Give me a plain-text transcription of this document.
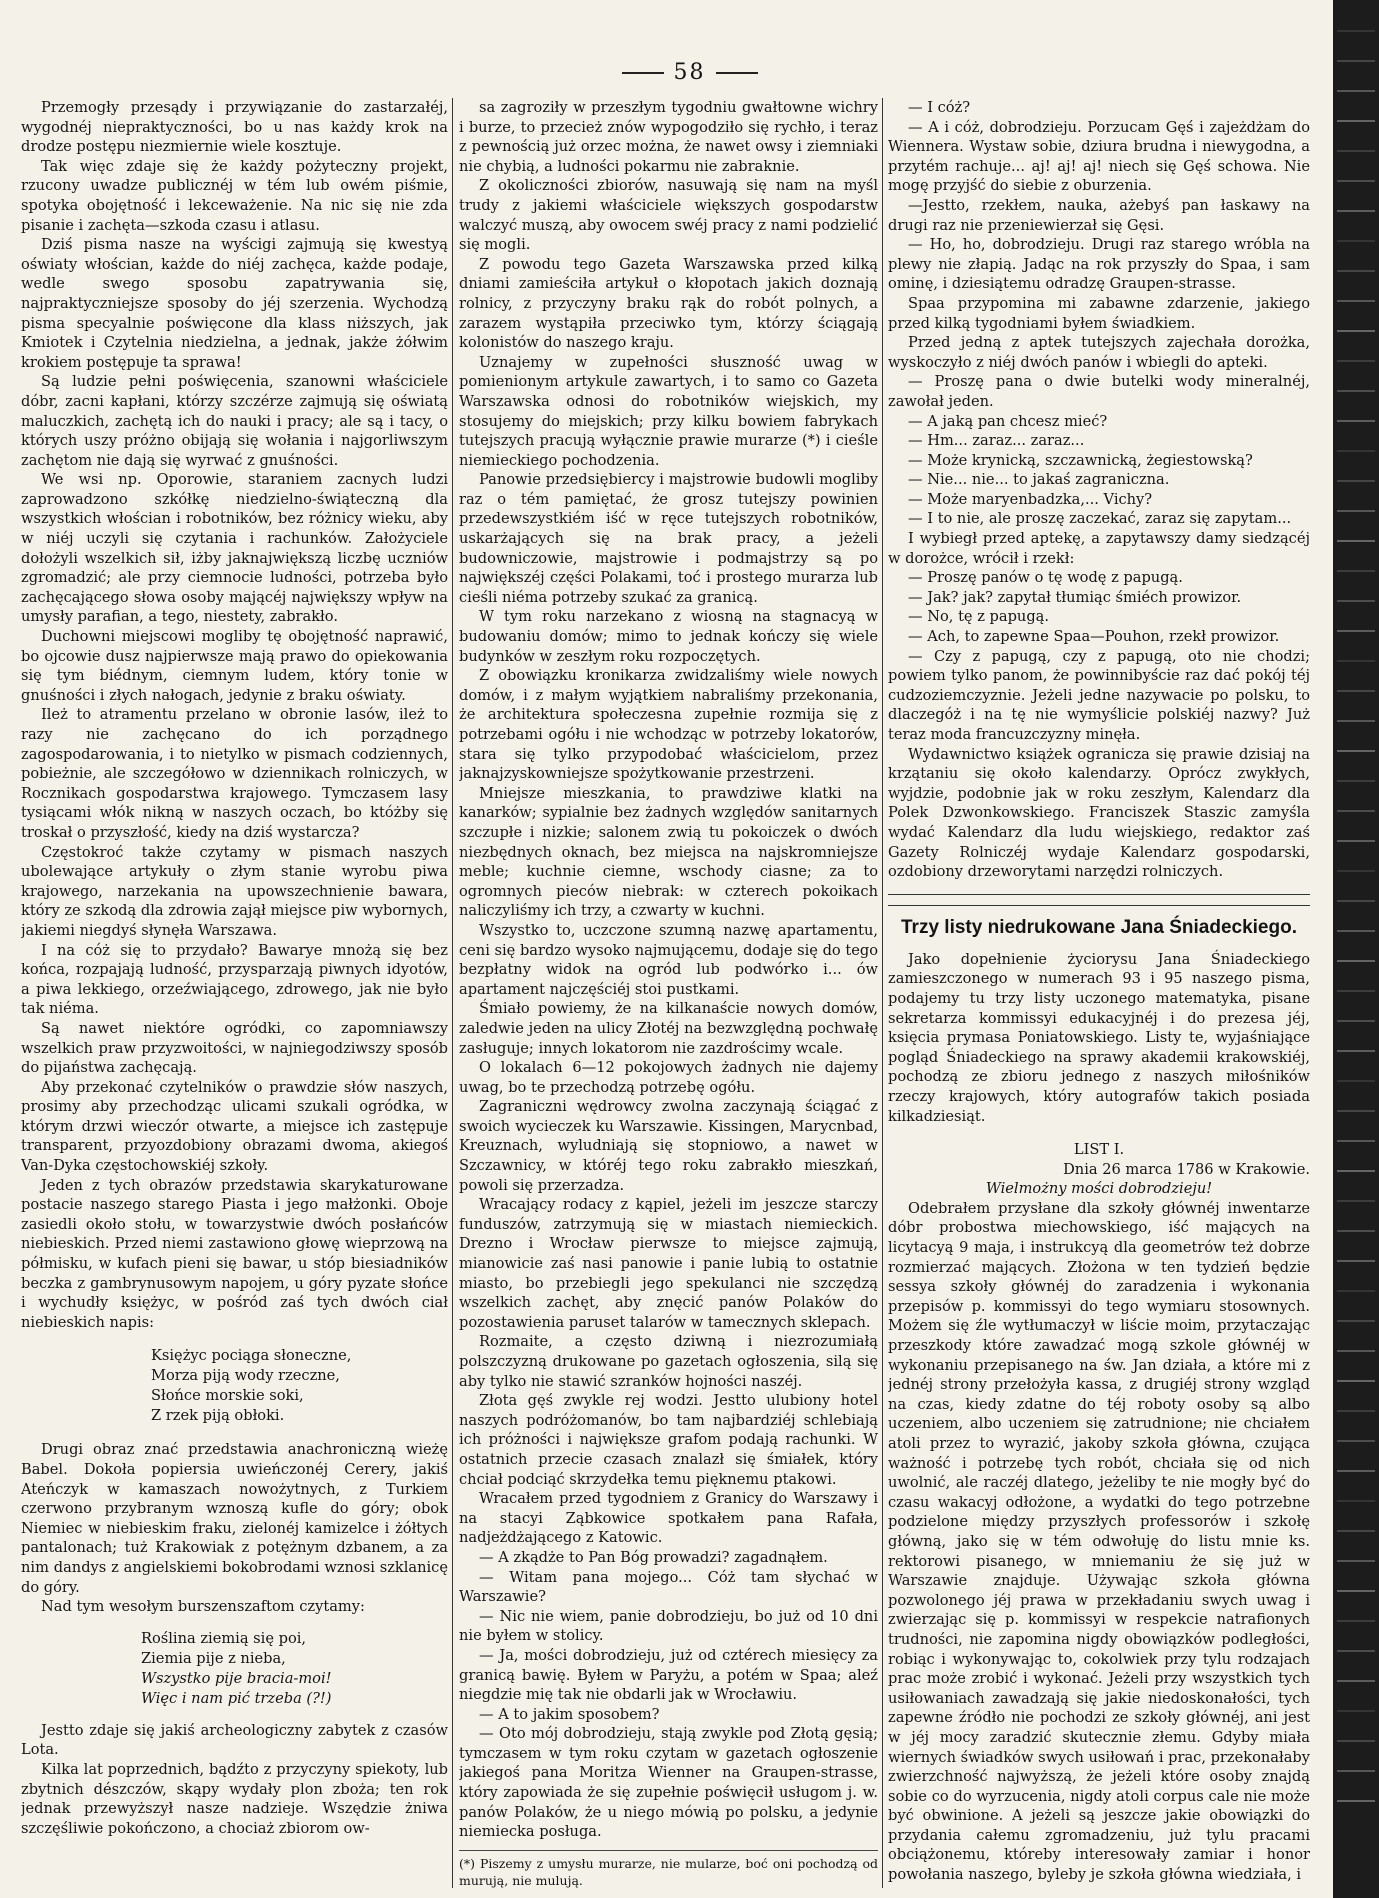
58

Przemogły przesądy i przywiązanie do zastarzałéj, wygodnéj niepraktyczności, bo u nas każdy krok na drodze postępu niezmiernie wiele kosztuje.

Tak więc zdaje się że każdy pożyteczny projekt, rzucony uwadze publicznéj w tém lub owém piśmie, spotyka obojętność i lekceważenie. Na nic się nie zda pisanie i zachęta—szkoda czasu i atlasu.

Dziś pisma nasze na wyścigi zajmują się kwestyą oświaty włościan, każde do niéj zachęca, każde podaje, wedle swego sposobu zapatrywania się, najpraktyczniejsze sposoby do jéj szerzenia. Wychodzą pisma specyalnie poświęcone dla klass niższych, jak Kmiotek i Czytelnia niedzielna, a jednak, jakże żółwim krokiem postępuje ta sprawa!

Są ludzie pełni poświęcenia, szanowni właściciele dóbr, zacni kapłani, którzy szczérze zajmują się oświatą maluczkich, zachętą ich do nauki i pracy; ale są i tacy, o których uszy próżno obijają się wołania i najgorliwszym zachętom nie dają się wyrwać z gnuśności.

We wsi np. Oporowie, staraniem zacnych ludzi zaprowadzono szkółkę niedzielno-świąteczną dla wszystkich włościan i robotników, bez różnicy wieku, aby w niéj uczyli się czytania i rachunków. Założyciele dołożyli wszelkich sił, iżby jaknajwiększą liczbę uczniów zgromadzić; ale przy ciemnocie ludności, potrzeba było zachęcającego słowa osoby mającéj największy wpływ na umysły parafian, a tego, niestety, zabrakło.

Duchowni miejscowi mogliby tę obojętność naprawić, bo ojcowie dusz najpierwsze mają prawo do opiekowania się tym biédnym, ciemnym ludem, który tonie w gnuśności i złych nałogach, jedynie z braku oświaty.

Ileż to atramentu przelano w obronie lasów, ileż to razy nie zachęcano do ich porządnego zagospodarowania, i to nietylko w pismach codziennych, pobieżnie, ale szczegółowo w dziennikach rolniczych, w Rocznikach gospodarstwa krajowego. Tymczasem lasy tysiącami włók nikną w naszych oczach, bo któżby się troskał o przyszłość, kiedy na dziś wystarcza?

Częstokroć także czytamy w pismach naszych ubolewające artykuły o złym stanie wyrobu piwa krajowego, narzekania na upowszechnienie bawara, który ze szkodą dla zdrowia zajął miejsce piw wybornych, jakiemi niegdyś słynęła Warszawa.

I na cóż się to przydało? Bawarye mnożą się bez końca, rozpajają ludność, przysparzają piwnych idyotów, a piwa lekkiego, orzeźwiającego, zdrowego, jak nie było tak niéma.

Są nawet niektóre ogródki, co zapomniawszy wszelkich praw przyzwoitości, w najniegodziwszy sposób do pijaństwa zachęcają.

Aby przekonać czytelników o prawdzie słów naszych, prosimy aby przechodząc ulicami szukali ogródka, w którym drzwi wieczór otwarte, a miejsce ich zastępuje transparent, przyozdobiony obrazami dwoma, akiegoś Van-Dyka częstochowskiéj szkoły.

Jeden z tych obrazów przedstawia skarykaturowane postacie naszego starego Piasta i jego małżonki. Oboje zasiedli około stołu, w towarzystwie dwóch posłańców niebieskich. Przed niemi zastawiono głowę wieprzową na półmisku, w kufach pieni się bawar, u stóp biesiadników beczka z gambrynusowym napojem, u góry pyzate słońce i wychudły księżyc, w pośród zaś tych dwóch ciał niebieskich napis:

Księżyc pociąga słoneczne,
Morza piją wody rzeczne,
Słońce morskie soki,
Z rzek piją obłoki.

Drugi obraz znać przedstawia anachroniczną wieżę Babel. Dokoła popiersia uwieńczonéj Cerery, jakiś Ateńczyk w kamaszach nowożytnych, z Turkiem czerwono przybranym wznoszą kufle do góry; obok Niemiec w niebieskim fraku, zielonéj kamizelce i żółtych pantalonach; tuż Krakowiak z potężnym dzbanem, a za nim dandys z angielskiemi bokobrodami wznosi szklanicę do góry.

Nad tym wesołym burszenszaftom czytamy:

Roślina ziemią się poi,
Ziemia pije z nieba,
Wszystko pije bracia-moi!
Więc i nam pić trzeba (?!)

Jestto zdaje się jakiś archeologiczny zabytek z czasów Lota.

Kilka lat poprzednich, bądźto z przyczyny spiekoty, lub zbytnich dészczów, skąpy wydały plon zboża; ten rok jednak przewyższył nasze nadzieje. Wszędzie żniwa szczęśliwie pokończono, a chociaż zbiorom ow-

sa zagroziły w przeszłym tygodniu gwałtowne wichry i burze, to przecież znów wypogodziło się rychło, i teraz z pewnością już orzec można, że nawet owsy i ziemniaki nie chybią, a ludności pokarmu nie zabraknie.

Z okoliczności zbiorów, nasuwają się nam na myśl trudy z jakiemi właściciele większych gospodarstw walczyć muszą, aby owocem swéj pracy z nami podzielić się mogli.

Z powodu tego Gazeta Warszawska przed kilką dniami zamieściła artykuł o kłopotach jakich doznają rolnicy, z przyczyny braku rąk do robót polnych, a zarazem wystąpiła przeciwko tym, którzy ściągają kolonistów do naszego kraju.

Uznajemy w zupełności słuszność uwag w pomienionym artykule zawartych, i to samo co Gazeta Warszawska odnosi do robotników wiejskich, my stosujemy do miejskich; przy kilku bowiem fabrykach tutejszych pracują wyłącznie prawie murarze (*) i cieśle niemieckiego pochodzenia.

Panowie przedsiębiercy i majstrowie budowli mogliby raz o tém pamiętać, że grosz tutejszy powinien przedewszystkiém iść w ręce tutejszych robotników, uskarżających się na brak pracy, a jeżeli budowniczowie, majstrowie i podmajstrzy są po największéj części Polakami, toć i prostego murarza lub cieśli niéma potrzeby szukać za granicą.

W tym roku narzekano z wiosną na stagnacyą w budowaniu domów; mimo to jednak kończy się wiele budynków w zeszłym roku rozpoczętych.

Z obowiązku kronikarza zwidzaliśmy wiele nowych domów, i z małym wyjątkiem nabraliśmy przekonania, że architektura społeczesna zupełnie rozmija się z potrzebami ogółu i nie wchodząc w potrzeby lokatorów, stara się tylko przypodobać właścicielom, przez jaknajzyskowniejsze spożytkowanie przestrzeni.

Mniejsze mieszkania, to prawdziwe klatki na kanarków; sypialnie bez żadnych względów sanitarnych szczupłe i nizkie; salonem zwią tu pokoiczek o dwóch niezbędnych oknach, bez miejsca na najskromniejsze meble; kuchnie ciemne, wschody ciasne; za to ogromnych pieców niebrak: w czterech pokoikach naliczyliśmy ich trzy, a czwarty w kuchni.

Wszystko to, uczczone szumną nazwę apartamentu, ceni się bardzo wysoko najmującemu, dodaje się do tego bezpłatny widok na ogród lub podwórko i... ów apartament najczęściéj stoi pustkami.

Śmiało powiemy, że na kilkanaście nowych domów, zaledwie jeden na ulicy Złotéj na bezwzględną pochwałę zasługuje; innych lokatorom nie zazdrościmy wcale.

O lokalach 6—12 pokojowych żadnych nie dajemy uwag, bo te przechodzą potrzebę ogółu.

Zagraniczni wędrowcy zwolna zaczynają ściągać z swoich wycieczek ku Warszawie. Kissingen, Marycnbad, Kreuznach, wyludniają się stopniowo, a nawet w Szczawnicy, w któréj tego roku zabrakło mieszkań, powoli się przerzadza.

Wracający rodacy z kąpiel, jeżeli im jeszcze starczy funduszów, zatrzymują się w miastach niemieckich. Drezno i Wrocław pierwsze to miejsce zajmują, mianowicie zaś nasi panowie i panie lubią to ostatnie miasto, bo przebiegli jego spekulanci nie szczędzą wszelkich zachęt, aby znęcić panów Polaków do pozostawienia paruset talarów w tamecznych sklepach.

Rozmaite, a często dziwną i niezrozumiałą polszczyzną drukowane po gazetach ogłoszenia, silą się aby tylko nie stawić szranków hojności naszéj.

Złota gęś zwykle rej wodzi. Jestto ulubiony hotel naszych podróżomanów, bo tam najbardziéj schlebiają ich próżności i największe grafom podają rachunki. W ostatnich przecie czasach znalazł się śmiałek, który chciał podciąć skrzydełka temu pięknemu ptakowi.

Wracałem przed tygodniem z Granicy do Warszawy i na stacyi Ząbkowice spotkałem pana Rafała, nadjeżdżającego z Katowic.

— A zkądże to Pan Bóg prowadzi? zagadnąłem.

— Witam pana mojego... Cóż tam słychać w Warszawie?

— Nic nie wiem, panie dobrodzieju, bo już od 10 dni nie byłem w stolicy.

— Ja, mości dobrodzieju, już od cztérech miesięcy za granicą bawię. Byłem w Paryżu, a potém w Spaa; aleź niegdzie mię tak nie obdarli jak w Wrocławiu.

— A to jakim sposobem?

— Oto mój dobrodzieju, stają zwykle pod Złotą gęsią; tymczasem w tym roku czytam w gazetach ogłoszenie jakiegoś pana Moritza Wienner na Graupen-strasse, który zapowiada że się zupełnie poświęcił usługom j. w. panów Polaków, że u niego mówią po polsku, a jedynie niemiecka posługa.

(*) Piszemy z umysłu murarze, nie mularze, boć oni pochodzą od murują, nie mulują.

— I cóż?

— A i cóż, dobrodzieju. Porzucam Gęś i zajeżdżam do Wiennera. Wystaw sobie, dziura brudna i niewygodna, a przytém rachuje... aj! aj! aj! niech się Gęś schowa. Nie mogę przyjść do siebie z oburzenia.

—Jestto, rzekłem, nauka, ażebyś pan łaskawy na drugi raz nie przeniewierzał się Gęsi.

— Ho, ho, dobrodzieju. Drugi raz starego wróbla na plewy nie złapią. Jadąc na rok przyszły do Spaa, i sam ominę, i dziesiątemu odradzę Graupen-strasse.

Spaa przypomina mi zabawne zdarzenie, jakiego przed kilką tygodniami byłem świadkiem.

Przed jedną z aptek tutejszych zajechała dorożka, wyskoczyło z niéj dwóch panów i wbiegli do apteki.

— Proszę pana o dwie butelki wody mineralnéj, zawołał jeden.

— A jaką pan chcesz mieć?

— Hm... zaraz... zaraz...

— Może krynicką, szczawnicką, żegiestowską?

— Nie... nie... to jakaś zagraniczna.

— Może maryenbadzka,... Vichy?

— I to nie, ale proszę zaczekać, zaraz się zapytam...

I wybiegł przed aptekę, a zapytawszy damy siedzącéj w dorożce, wrócił i rzekł:

— Proszę panów o tę wodę z papugą.

— Jak? jak? zapytał tłumiąc śmiéch prowizor.

— No, tę z papugą.

— Ach, to zapewne Spaa—Pouhon, rzekł prowizor.

— Czy z papugą, czy z papugą, oto nie chodzi; powiem tylko panom, że powinnibyście raz dać pokój téj cudzoziemczyznie. Jeżeli jedne nazywacie po polsku, to dlaczegóż i na tę nie wymyślicie polskiéj nazwy? Już teraz moda francuzczyzny minęła.

Wydawnictwo książek ogranicza się prawie dzisiaj na krzątaniu się około kalendarzy. Oprócz zwykłych, wyjdzie, podobnie jak w roku zeszłym, Kalendarz dla Polek Dzwonkowskiego. Franciszek Staszic zamyśla wydać Kalendarz dla ludu wiejskiego, redaktor zaś Gazety Rolniczéj wydaje Kalendarz gospodarski, ozdobiony drzeworytami narzędzi rolniczych.

Trzy listy niedrukowane Jana Śniadeckiego.

Jako dopełnienie życiorysu Jana Śniadeckiego zamieszczonego w numerach 93 i 95 naszego pisma, podajemy tu trzy listy uczonego matematyka, pisane sekretarza kommissyi edukacyjnéj i do prezesa jéj, księcia prymasa Poniatowskiego. Listy te, wyjaśniające pogląd Śniadeckiego na sprawy akademii krakowskiéj, pochodzą ze zbioru jednego z naszych miłośników rzeczy krajowych, który autografów takich posiada kilkadziesiąt.

LIST I.

Dnia 26 marca 1786 w Krakowie.

Wielmożny mości dobrodzieju!

Odebrałem przysłane dla szkoły głównéj inwentarze dóbr probostwa miechowskiego, iść mających na licytacyą 9 maja, i instrukcyą dla geometrów też dobrze rozmierzać mających. Złożona w ten tydzień będzie sessya szkoły głównéj do zaradzenia i wykonania przepisów p. kommissyi do tego wymiaru stosownych. Możem się źle wytłumaczył w liście moim, przytaczając przeszkody które zawadzać mogą szkole głównéj w wykonaniu przepisanego na św. Jan działa, a które mi z jednéj strony przełożyła kassa, z drugiéj strony wzgląd na czas, kiedy zdatne do téj roboty osoby są albo uczeniem, albo uczeniem się zatrudnione; nie chciałem atoli przez to wyrazić, jakoby szkoła główna, czująca ważność i potrzebę tych robót, chciała się od nich uwolnić, ale raczéj dlatego, jeżeliby te nie mogły być do czasu wakacyj odłożone, a wydatki do tego potrzebne podzielone między przyszłych professorów i szkołę główną, jako się w tém odwołuję do listu mnie ks. rektorowi pisanego, w mniemaniu że się już w Warszawie znajduje. Używając szkoła główna pozwolonego jéj prawa w przekładaniu swych uwag i zwierzając się p. kommissyi w respekcie natrafionych trudności, nie zapomina nigdy obowiązków podległości, robiąc i wykonywając to, cokolwiek przy tylu rodzajach prac może zrobić i wykonać. Jeżeli przy wszystkich tych usiłowaniach zawadzają się jakie niedoskonałości, tych zapewne źródło nie pochodzi ze szkoły głównéj, ani jest w jéj mocy zaradzić skutecznie złemu. Gdyby miała wiernych świadków swych usiłowań i prac, przekonałaby zwierzchność najwyższą, że jeżeli które osoby znajdą sobie co do wyrzucenia, nigdy atoli corpus cale nie może być obwinione. A jeżeli są jeszcze jakie obowiązki do przydania całemu zgromadzeniu, już tylu pracami obciążonemu, któreby interesowały zamiar i honor powołania naszego, byleby je szkoła główna wiedziała, i
